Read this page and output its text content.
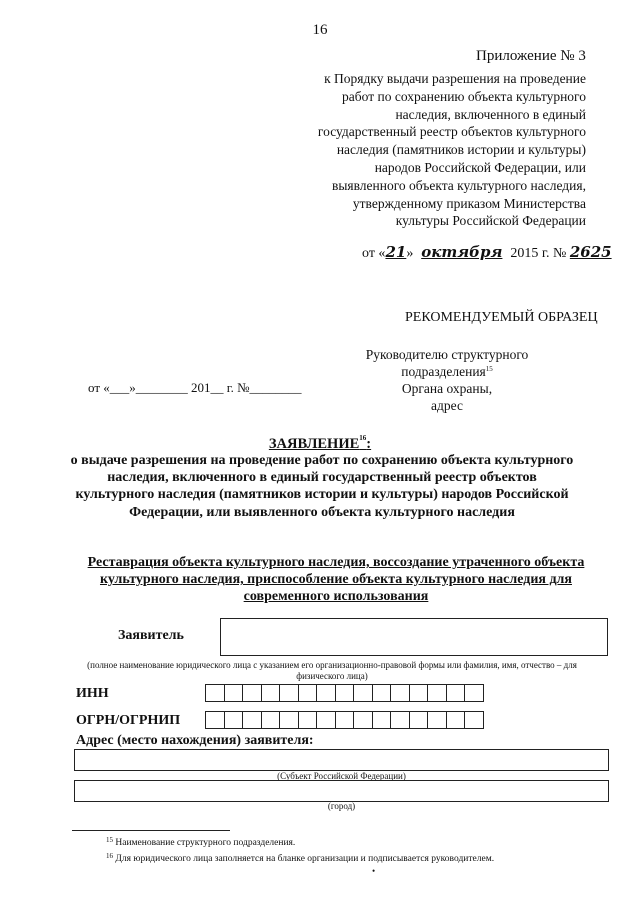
16
Приложение № 3
к Порядку выдачи разрешения на проведение работ по сохранению объекта культурного наследия, включенного в единый государственный реестр объектов культурного наследия (памятников истории и культуры) народов Российской Федерации, или выявленного объекта культурного наследия, утвержденному приказом Министерства культуры Российской Федерации
от «21» октября 2015 г. № 2625
РЕКОМЕНДУЕМЫЙ ОБРАЗЕЦ
Руководителю структурного
подразделения$^{15}$
Органа охраны,
адрес
от «___»________ 201__ г. №________
ЗАЯВЛЕНИЕ$^{16}$:
о выдаче разрешения на проведение работ по сохранению объекта культурного наследия, включенного в единый государственный реестр объектов культурного наследия (памятников истории и культуры) народов Российской Федерации, или выявленного объекта культурного наследия
Реставрация объекта культурного наследия, воссоздание утраченного объекта культурного наследия, приспособление объекта культурного наследия для современного использования
Заявитель
(полное наименование юридического лица с указанием его организационно-правовой формы или фамилия, имя, отчество – для физического лица)
ИНН
ОГРН/ОГРНИП
Адрес (место нахождения) заявителя:
(Субъект Российской Федерации)
(город)
$^{15}$ Наименование структурного подразделения.
$^{16}$ Для юридического лица заполняется на бланке организации и подписывается руководителем.
•
